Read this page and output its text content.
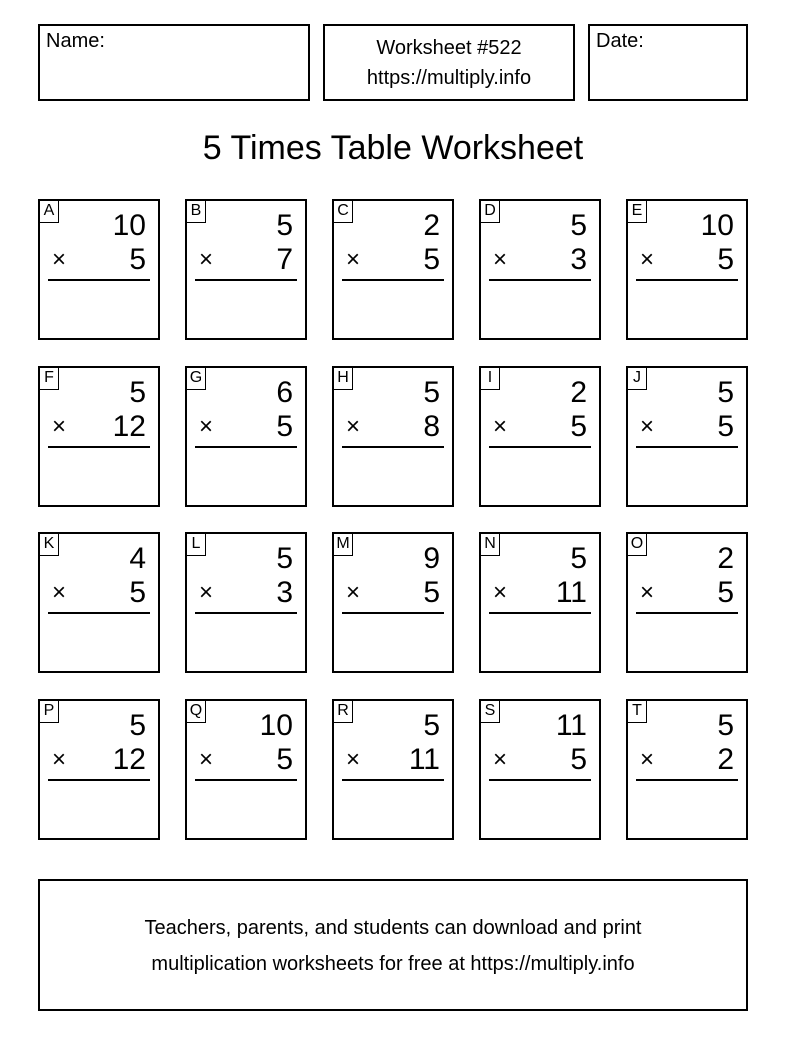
Name:	Worksheet #522
https://multiply.info
Date:
5 Times Table Worksheet
A 10
× 5
B 5
× 7
C 2
× 5
D 5
× 3
E 10
× 5
F	5
× 12
G 6
× 5
H 5
× 8
I	2
× 5
J	5
× 5
K 4
× 5
L	5
× 3
M 9
× 5
N 5
× 11
O 2
× 5
P 5
× 12
Q 10
× 5
R 5
× 11
S 11
× 5
T	5
× 2
Teachers, parents, and students can download and print
multiplication worksheets for free at https://multiply.info
